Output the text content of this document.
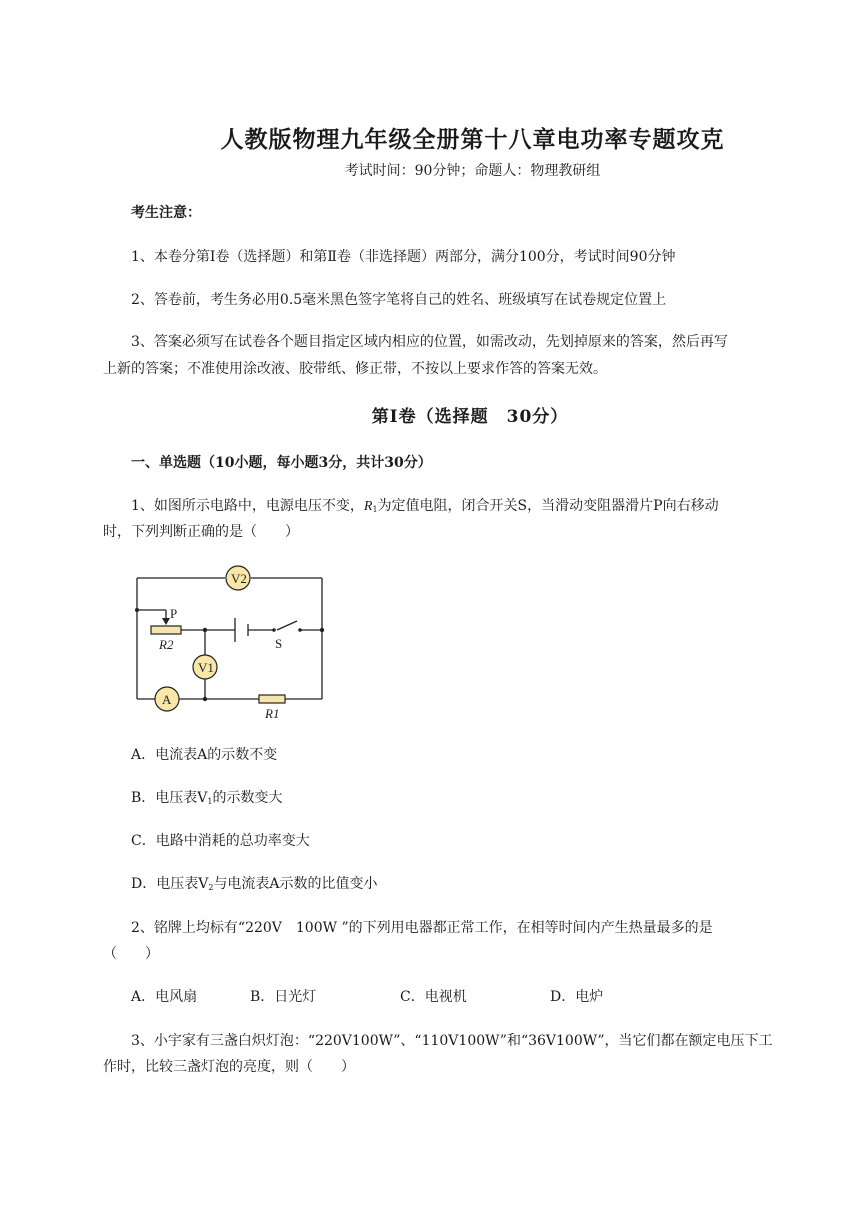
人教版物理九年级全册第十八章电功率专题攻克
考试时间：90分钟；命题人：物理教研组
考生注意：
1、本卷分第I卷（选择题）和第Ⅱ卷（非选择题）两部分，满分100分，考试时间90分钟
2、答卷前，考生务必用0.5毫米黑色签字笔将自己的姓名、班级填写在试卷规定位置上
3、答案必须写在试卷各个题目指定区域内相应的位置，如需改动，先划掉原来的答案，然后再写
上新的答案；不准使用涂改液、胶带纸、修正带，不按以上要求作答的答案无效。
第I卷（选择题　30分）
一、单选题（10小题，每小题3分，共计30分）
1、如图所示电路中，电源电压不变，$R_1$为定值电阻，闭合开关S，当滑动变阻器滑片P向右移动
时，下列判断正确的是（　　）
V2
V1
A
P
S
R2
R1
A．电流表A的示数不变
B．电压表$V_1$的示数变大
C．电路中消耗的总功率变大
D．电压表$V_2$与电流表A示数的比值变小
2、铭牌上均标有“220V　100W ”的下列用电器都正常工作，在相等时间内产生热量最多的是
（　　）
A．电风扇	B．日光灯	C．电视机	D．电炉
3、小宇家有三盏白炽灯泡：“220V100W”、“110V100W”和“36V100W”，当它们都在额定电压下工
作时，比较三盏灯泡的亮度，则（　　）
